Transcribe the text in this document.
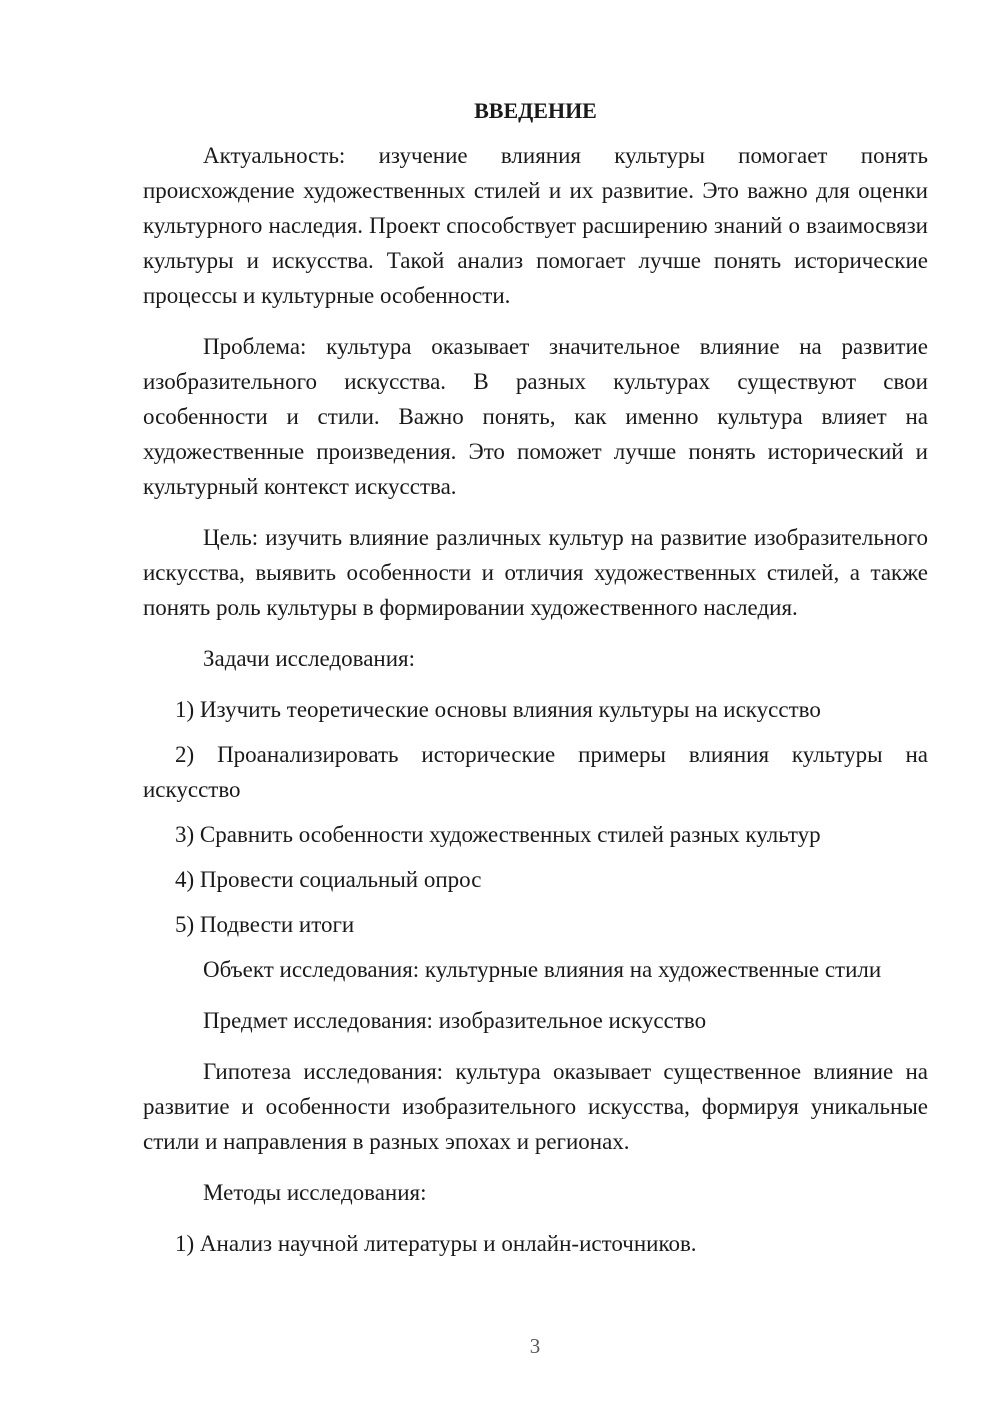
ВВЕДЕНИЕ

Актуальность: изучение влияния культуры помогает понять происхождение художественных стилей и их развитие. Это важно для оценки культурного наследия. Проект способствует расширению знаний о взаимосвязи культуры и искусства. Такой анализ помогает лучше понять исторические процессы и культурные особенности.

Проблема: культура оказывает значительное влияние на развитие изобразительного искусства. В разных культурах существуют свои особенности и стили. Важно понять, как именно культура влияет на художественные произведения. Это поможет лучше понять исторический и культурный контекст искусства.

Цель: изучить влияние различных культур на развитие изобразительного искусства, выявить особенности и отличия художественных стилей, а также понять роль культуры в формировании художественного наследия.

Задачи исследования:

1) Изучить теоретические основы влияния культуры на искусство

2) Проанализировать исторические примеры влияния культуры на искусство

3) Сравнить особенности художественных стилей разных культур

4) Провести социальный опрос

5) Подвести итоги

Объект исследования: культурные влияния на художественные стили

Предмет исследования: изобразительное искусство

Гипотеза исследования: культура оказывает существенное влияние на развитие и особенности изобразительного искусства, формируя уникальные стили и направления в разных эпохах и регионах.

Методы исследования:

1) Анализ научной литературы и онлайн-источников.

3
